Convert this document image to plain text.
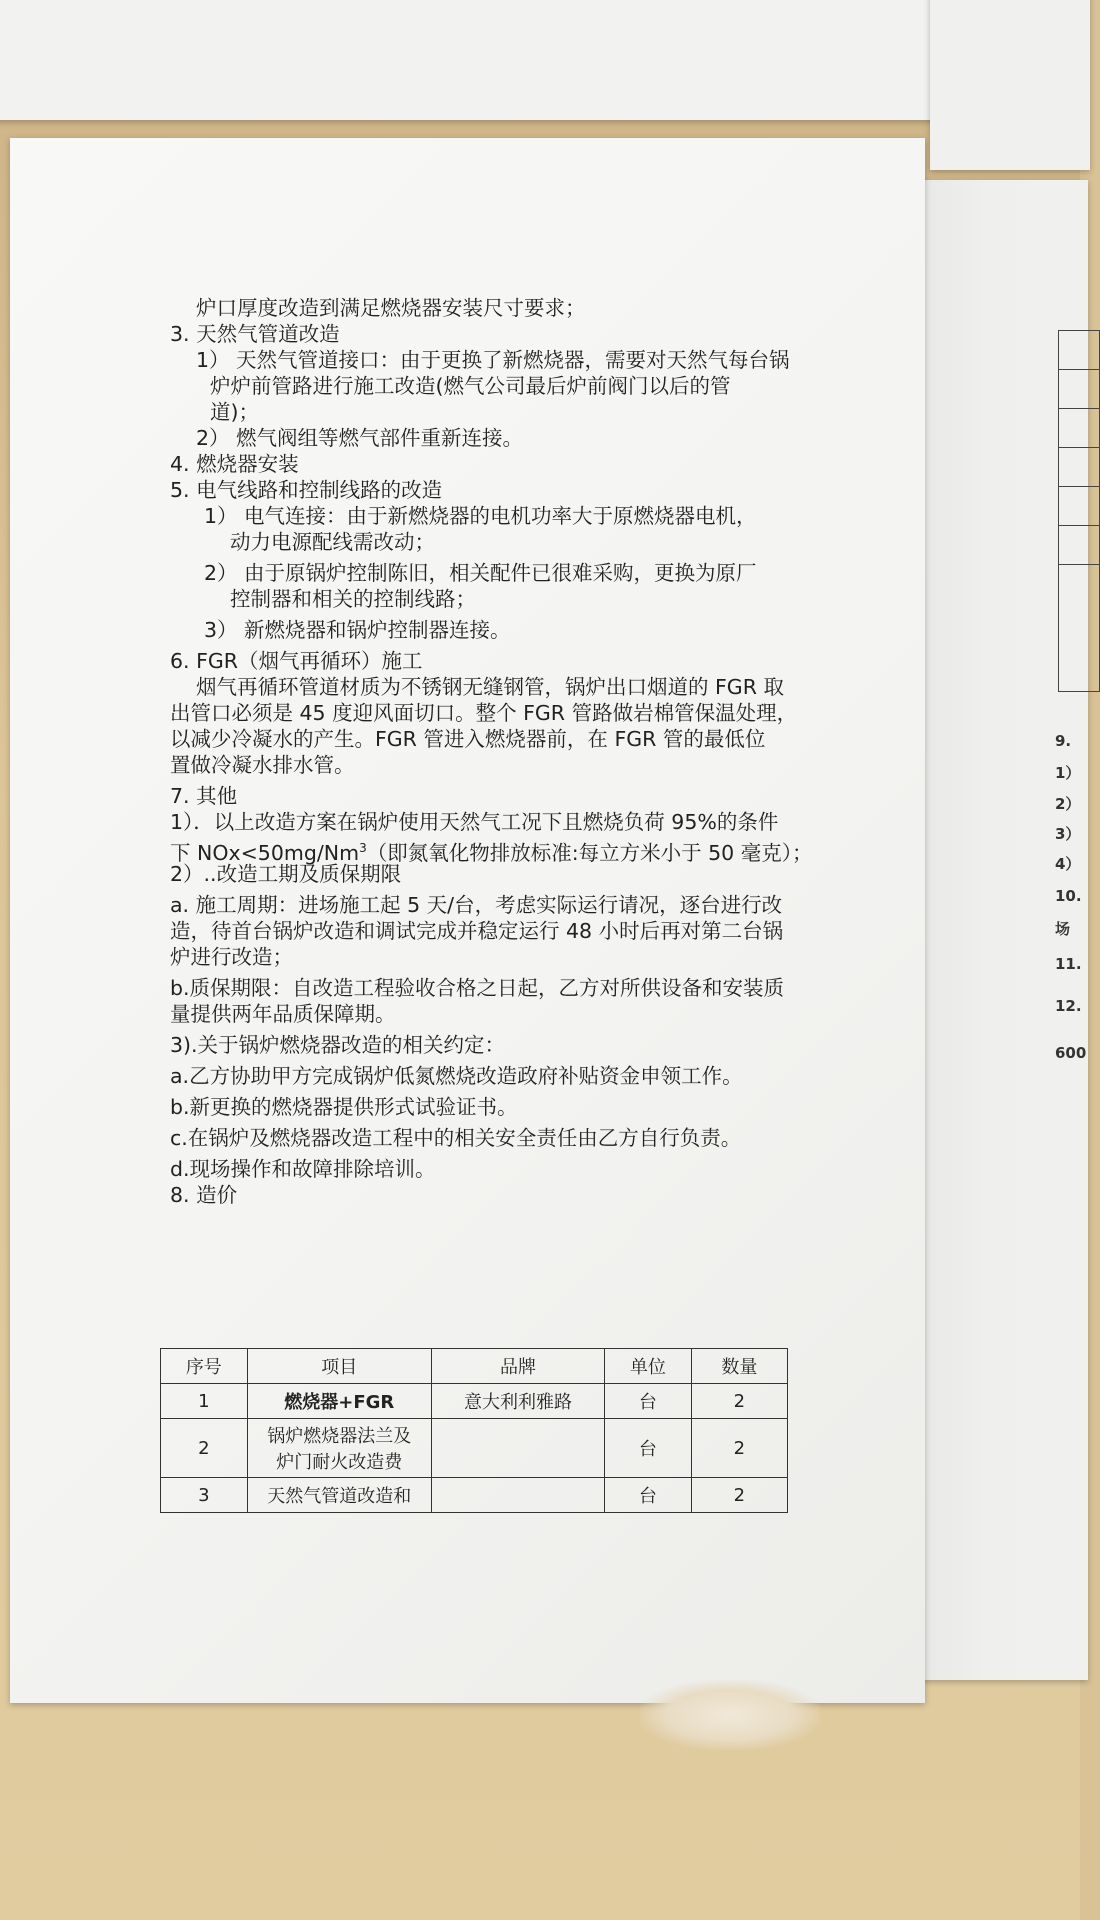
9.
1）
2）
3）
4）
10.
场
11.
12.
600
炉口厚度改造到满足燃烧器安装尺寸要求；
3. 天然气管道改造
1） 天然气管道接口：由于更换了新燃烧器，需要对天然气每台锅
炉炉前管路进行施工改造(燃气公司最后炉前阀门以后的管
道)；
2） 燃气阀组等燃气部件重新连接。
4. 燃烧器安装
5. 电气线路和控制线路的改造
1） 电气连接：由于新燃烧器的电机功率大于原燃烧器电机，
动力电源配线需改动；
2） 由于原锅炉控制陈旧，相关配件已很难采购，更换为原厂
控制器和相关的控制线路；
3） 新燃烧器和锅炉控制器连接。
6. FGR（烟气再循环）施工
烟气再循环管道材质为不锈钢无缝钢管，锅炉出口烟道的 FGR 取
出管口必须是 45 度迎风面切口。整个 FGR 管路做岩棉管保温处理，
以减少冷凝水的产生。FGR 管进入燃烧器前，在 FGR 管的最低位
置做冷凝水排水管。
7. 其他
1）．以上改造方案在锅炉使用天然气工况下且燃烧负荷 95%的条件
下 $NOx<50mg/Nm^3$（即氮氧化物排放标准:每立方米小于 50 毫克）；
2）..改造工期及质保期限
a. 施工周期：进场施工起 5 天/台，考虑实际运行请况，逐台进行改
造，待首台锅炉改造和调试完成并稳定运行 48 小时后再对第二台锅
炉进行改造；
b.质保期限：自改造工程验收合格之日起，乙方对所供设备和安装质
量提供两年品质保障期。
3).关于锅炉燃烧器改造的相关约定：
a.乙方协助甲方完成锅炉低氮燃烧改造政府补贴资金申领工作。
b.新更换的燃烧器提供形式试验证书。
c.在锅炉及燃烧器改造工程中的相关安全责任由乙方自行负责。
d.现场操作和故障排除培训。
8. 造价
序号	项目	品牌	单位	数量
1	燃烧器+FGR	意大利利雅路	台	2
2	锅炉燃烧器法兰及
炉门耐火改造费		台	2
3	天然气管道改造和		台	2
